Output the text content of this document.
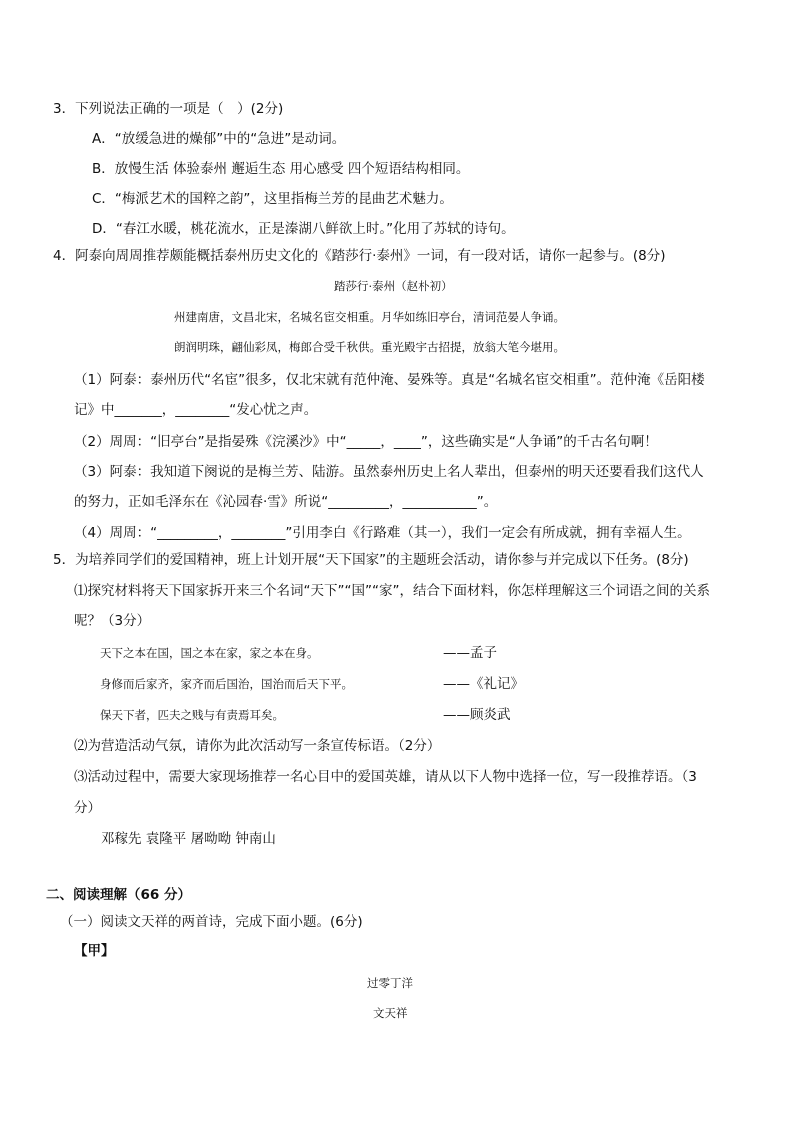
3．下列说法正确的一项是（　）(2分)
A．“放缓急进的燥郁”中的“急进”是动词。
B．放慢生活 体验泰州 邂逅生态 用心感受 四个短语结构相同。
C．“梅派艺术的国粹之韵”，这里指梅兰芳的昆曲艺术魅力。
D．“春江水暖，桃花流水，正是溱湖八鲜欲上时。”化用了苏轼的诗句。
4．阿泰向周周推荐颇能概括泰州历史文化的《踏莎行·泰州》一词，有一段对话，请你一起参与。(8分)
踏莎行·泰州（赵朴初）
州建南唐，文昌北宋，名城名宦交相重。月华如练旧亭台，清词范晏人争诵。
朗润明珠，翩仙彩凤，梅郎合受千秋供。重光殿宇古招提，放翁大笔今堪用。
（1）阿泰：泰州历代“名宦”很多，仅北宋就有范仲淹、晏殊等。真是“名城名宦交相重”。范仲淹《岳阳楼
记》中_______，________“发心忧之声。
（2）周周：“旧亭台”是指晏殊《浣溪沙》中“_____，____”，这些确实是“人争诵”的千古名句啊！
（3）阿泰：我知道下阕说的是梅兰芳、陆游。虽然泰州历史上名人辈出，但泰州的明天还要看我们这代人
的努力，正如毛泽东在《沁园春·雪》所说“_________，___________”。
（4）周周：“_________，________”引用李白《行路难（其一），我们一定会有所成就，拥有幸福人生。
5．为培养同学们的爱国精神，班上计划开展“天下国家”的主题班会活动，请你参与并完成以下任务。(8分)
⑴探究材料将天下国家拆开来三个名词“天下”“国”“家”，结合下面材料，你怎样理解这三个词语之间的关系
呢？（3分）
天下之本在国，国之本在家，家之本在身。	——孟子
身修而后家齐，家齐而后国治，国治而后天下平。	——《礼记》
保天下者，匹夫之贱与有责焉耳矣。	——顾炎武
⑵为营造活动气氛，请你为此次活动写一条宣传标语。（2分）
⑶活动过程中，需要大家现场推荐一名心目中的爱国英雄，请从以下人物中选择一位，写一段推荐语。（3
分）
邓稼先 袁隆平 屠呦呦 钟南山
二、阅读理解（66 分）
（一）阅读文天祥的两首诗，完成下面小题。(6分)
【甲】
过零丁洋
文天祥
